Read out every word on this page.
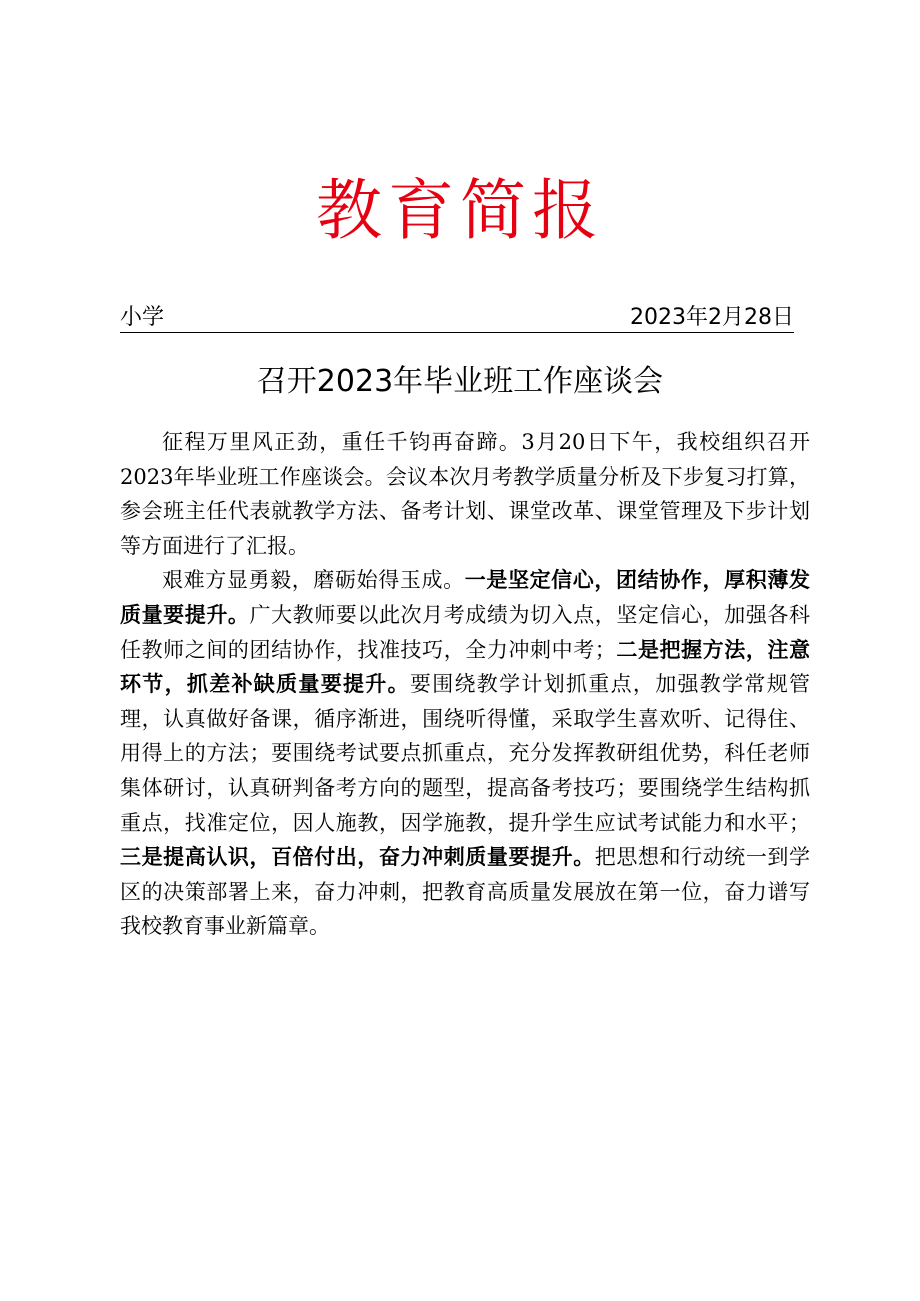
教育简报
小学	2023年2月28日
召开2023年毕业班工作座谈会

征程万里风正劲，重任千钧再奋蹄。3月20日下午，我校组织召开2023年毕业班工作座谈会。会议本次月考教学质量分析及下步复习打算，参会班主任代表就教学方法、备考计划、课堂改革、课堂管理及下步计划等方面进行了汇报。

艰难方显勇毅，磨砺始得玉成。一是坚定信心，团结协作，厚积薄发质量要提升。广大教师要以此次月考成绩为切入点，坚定信心，加强各科任教师之间的团结协作，找准技巧，全力冲刺中考；二是把握方法，注意环节，抓差补缺质量要提升。要围绕教学计划抓重点，加强教学常规管理，认真做好备课，循序渐进，围绕听得懂，采取学生喜欢听、记得住、用得上的方法；要围绕考试要点抓重点，充分发挥教研组优势，科任老师集体研讨，认真研判备考方向的题型，提高备考技巧；要围绕学生结构抓重点，找准定位，因人施教，因学施教，提升学生应试考试能力和水平；三是提高认识，百倍付出，奋力冲刺质量要提升。把思想和行动统一到学区的决策部署上来，奋力冲刺，把教育高质量发展放在第一位，奋力谱写我校教育事业新篇章。
